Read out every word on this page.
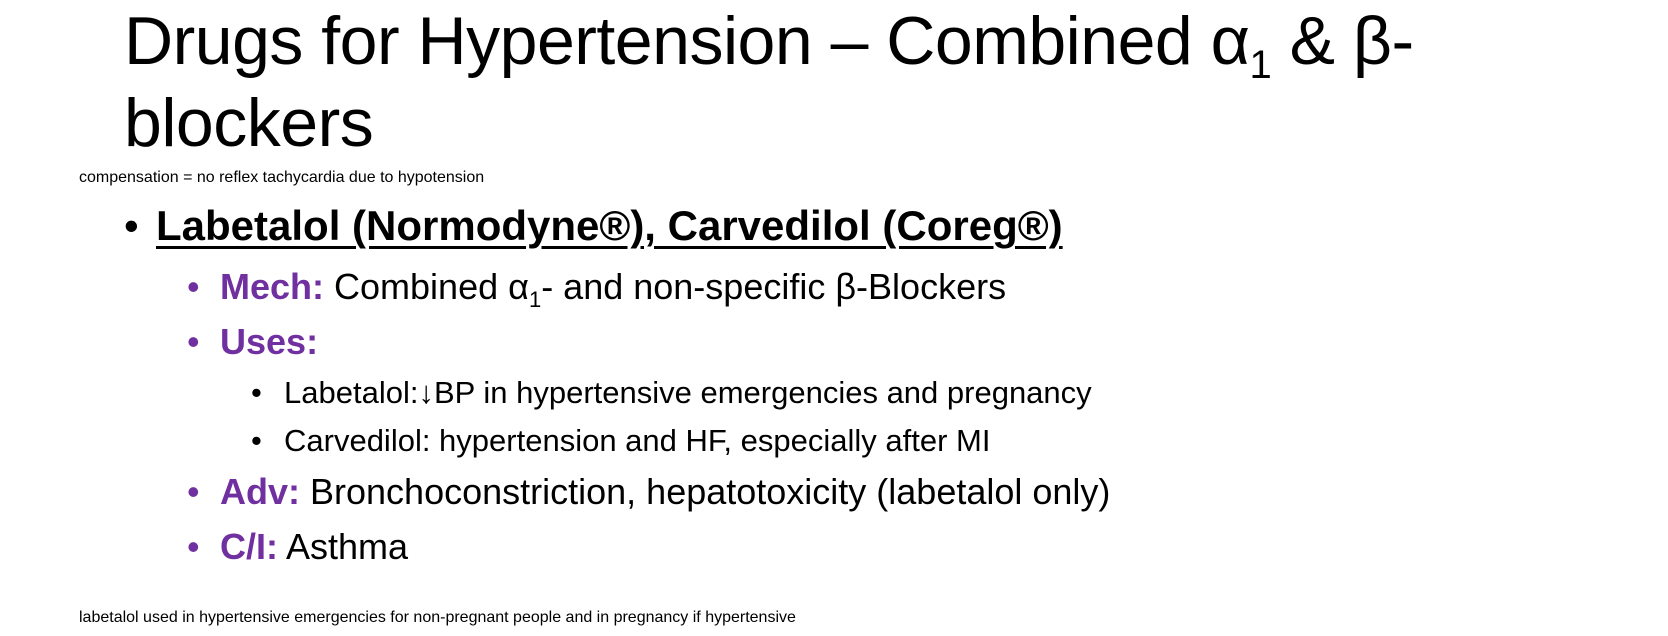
Drugs for Hypertension – Combined $\alpha_1$ & β-blockers
compensation = no reflex tachycardia due to hypotension
• Labetalol (Normodyne®), Carvedilol (Coreg®)
• Mech: Combined $\alpha_1-$ and non-specific β-Blockers
• Uses:
• Labetalol:↓BP in hypertensive emergencies and pregnancy
• Carvedilol: hypertension and HF, especially after MI
• Adv: Bronchoconstriction, hepatotoxicity (labetalol only)
• C/I: Asthma
labetalol used in hypertensive emergencies for non-pregnant people and in pregnancy if hypertensive
